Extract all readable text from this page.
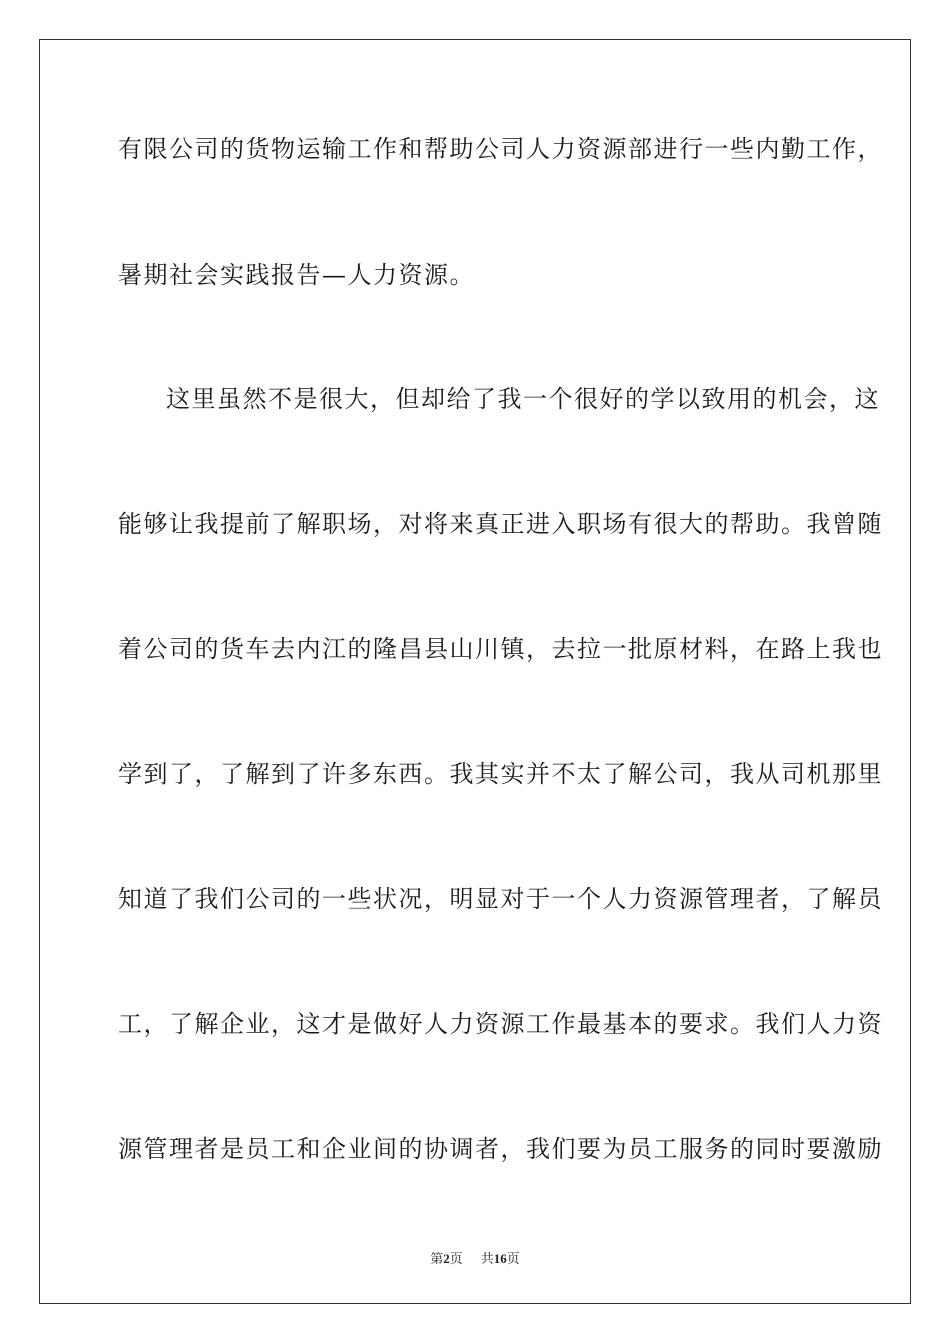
有限公司的货物运输工作和帮助公司人力资源部进行一些内勤工作，
暑期社会实践报告—人力资源。
这里虽然不是很大，但却给了我一个很好的学以致用的机会，这
能够让我提前了解职场，对将来真正进入职场有很大的帮助。我曾随
着公司的货车去内江的隆昌县山川镇，去拉一批原材料，在路上我也
学到了，了解到了许多东西。我其实并不太了解公司，我从司机那里
知道了我们公司的一些状况，明显对于一个人力资源管理者，了解员
工，了解企业，这才是做好人力资源工作最基本的要求。我们人力资
源管理者是员工和企业间的协调者，我们要为员工服务的同时要激励
第2页 共16页
